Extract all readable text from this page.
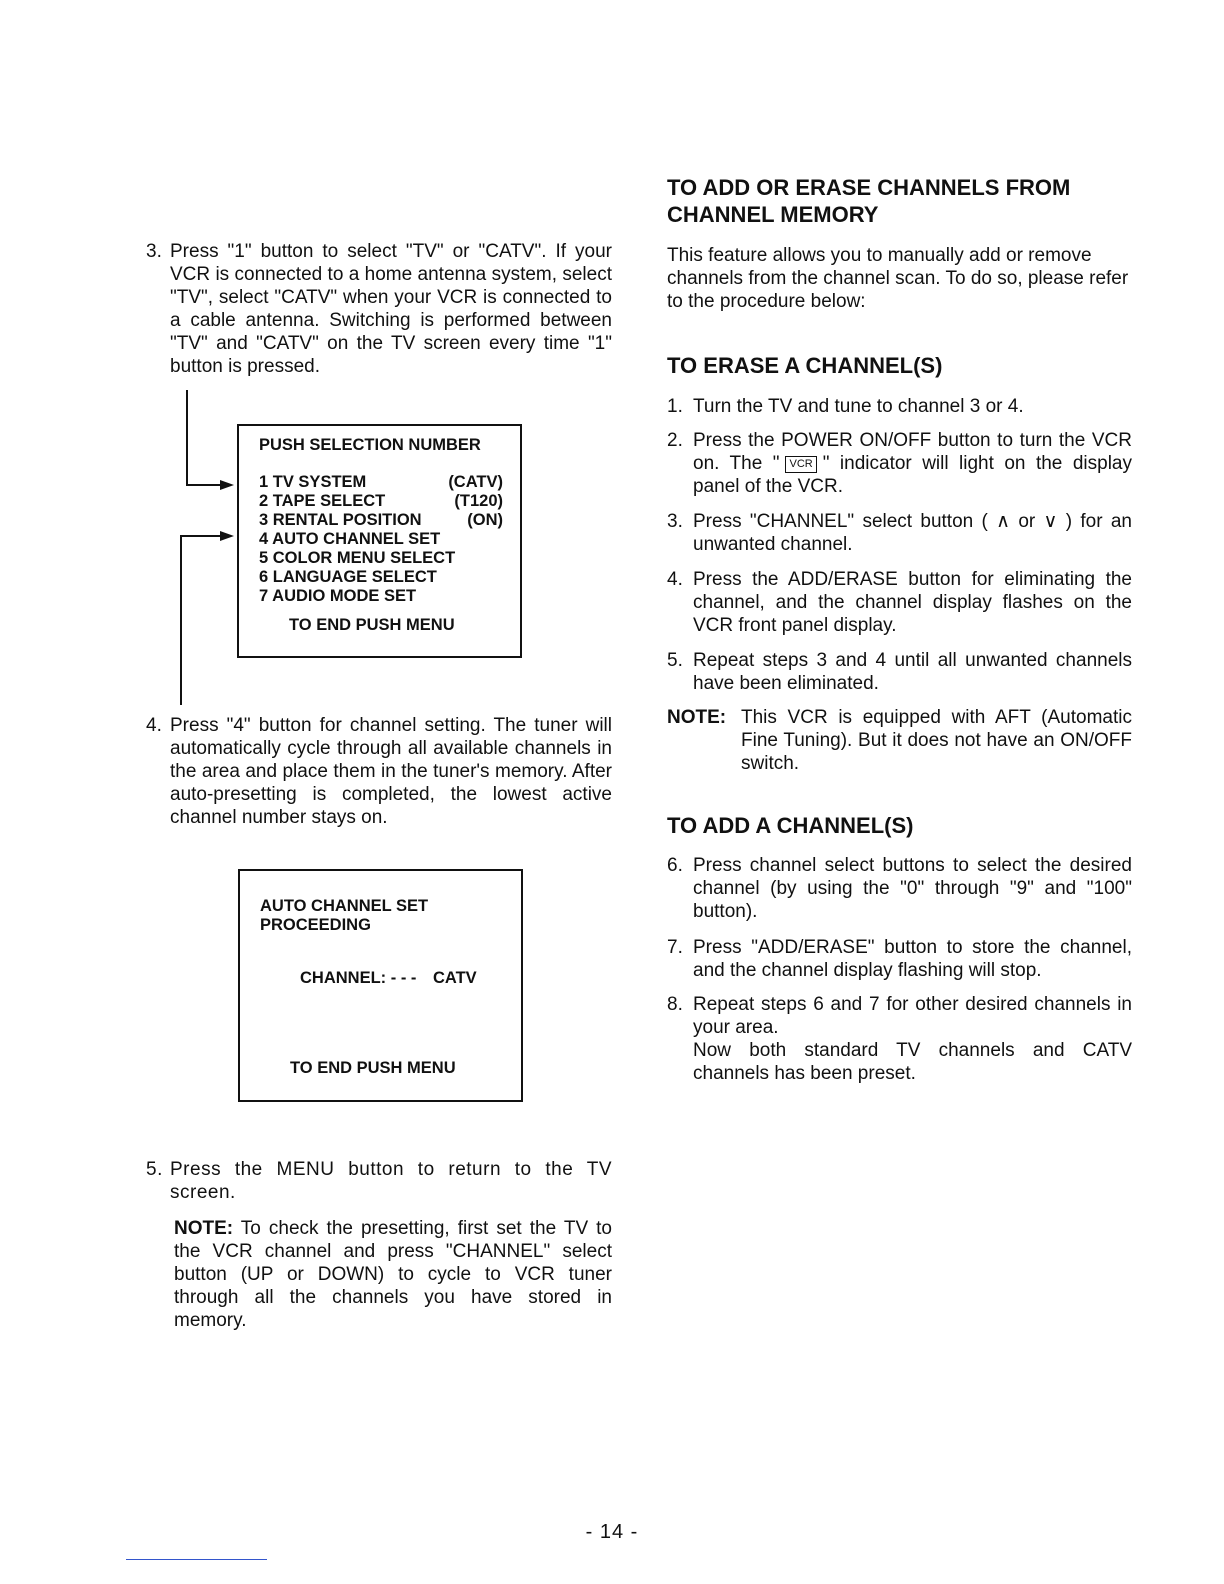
3. Press "1" button to select "TV" or "CATV". If your VCR is connected to a home antenna system, select "TV", select "CATV" when your VCR is connected to a cable antenna. Switching is performed between "TV" and "CATV" on the TV screen every time "1" button is pressed.
PUSH SELECTION NUMBER
1 TV SYSTEM	(CATV)
2 TAPE SELECT	(T120)
3 RENTAL POSITION	(ON)
4 AUTO CHANNEL SET
5 COLOR MENU SELECT
6 LANGUAGE SELECT
7 AUDIO MODE SET
TO END PUSH MENU
4. Press "4" button for channel setting. The tuner will automatically cycle through all available channels in the area and place them in the tuner's memory. After auto-presetting is completed, the lowest active channel number stays on.
AUTO CHANNEL SET
PROCEEDING
CHANNEL: - - - CATV
TO END PUSH MENU
5. Press the MENU button to return to the TV screen.
NOTE: To check the presetting, first set the TV to the VCR channel and press "CHANNEL" select button (UP or DOWN) to cycle to VCR tuner through all the channels you have stored in memory.
TO ADD OR ERASE CHANNELS FROM CHANNEL MEMORY
This feature allows you to manually add or remove channels from the channel scan. To do so, please refer to the procedure below:
TO ERASE A CHANNEL(S)
1. Turn the TV and tune to channel 3 or 4.
2. Press the POWER ON/OFF button to turn the VCR on. The " VCR " indicator will light on the display panel of the VCR.
3. Press "CHANNEL" select button ( ∧ or ∨ ) for an unwanted channel.
4. Press the ADD/ERASE button for eliminating the channel, and the channel display flashes on the VCR front panel display.
5. Repeat steps 3 and 4 until all unwanted channels have been eliminated.
NOTE: This VCR is equipped with AFT (Automatic Fine Tuning). But it does not have an ON/OFF switch.
TO ADD A CHANNEL(S)
6. Press channel select buttons to select the desired channel (by using the "0" through "9" and "100" button).
7. Press "ADD/ERASE" button to store the channel, and the channel display flashing will stop.
8. Repeat steps 6 and 7 for other desired channels in your area.
Now both standard TV channels and CATV channels has been preset.
- 14 -
